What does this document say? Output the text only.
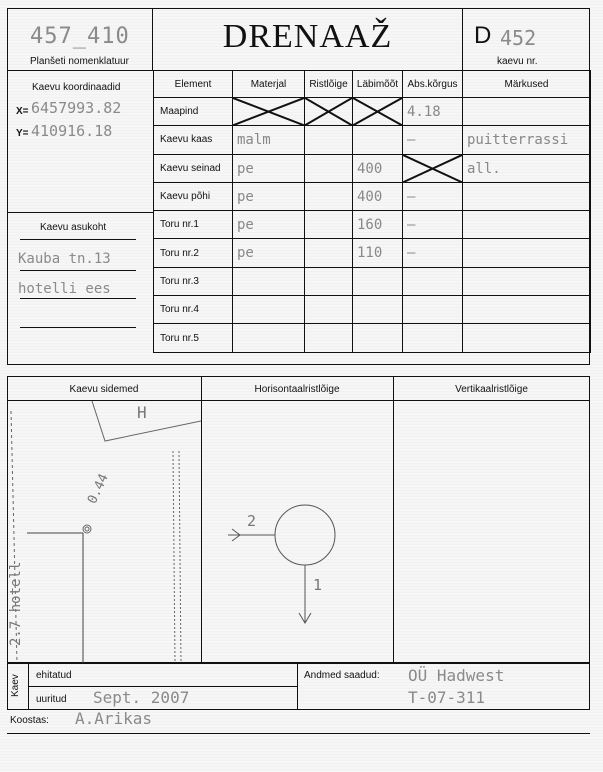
457_410
Planšeti nomenklatuur
DRENAAŽ	D 452
kaevu nr.
Kaevu koordinaadid
X= 6457993.82
Y= 410916.18
Kaevu asukoht
Kauba tn.13
hotelli ees
Element	Materjal	Ristlõige	Läbimõõt	Abs.kõrgus	Märkused
Maapind				4.18	

Kaevu kaas	malm			–	puitterrassi

Kaevu seinad	pe		400		all.

Kaevu põhi	pe		400	–	

Toru nr.1	pe		160	–	

Toru nr.2	pe		110	–	

Toru nr.3	

Toru nr.4	

Toru nr.5	

Kaevu sidemed	Horisontaalristlõige	Vertikaalristlõige
H
0.44
2.7 hotell
2
1
Kaev ehitatud
uuritud Sept. 2007
Andmed saadud: OÜ Hadwest
T-07-311
Koostas: A.Arikas
